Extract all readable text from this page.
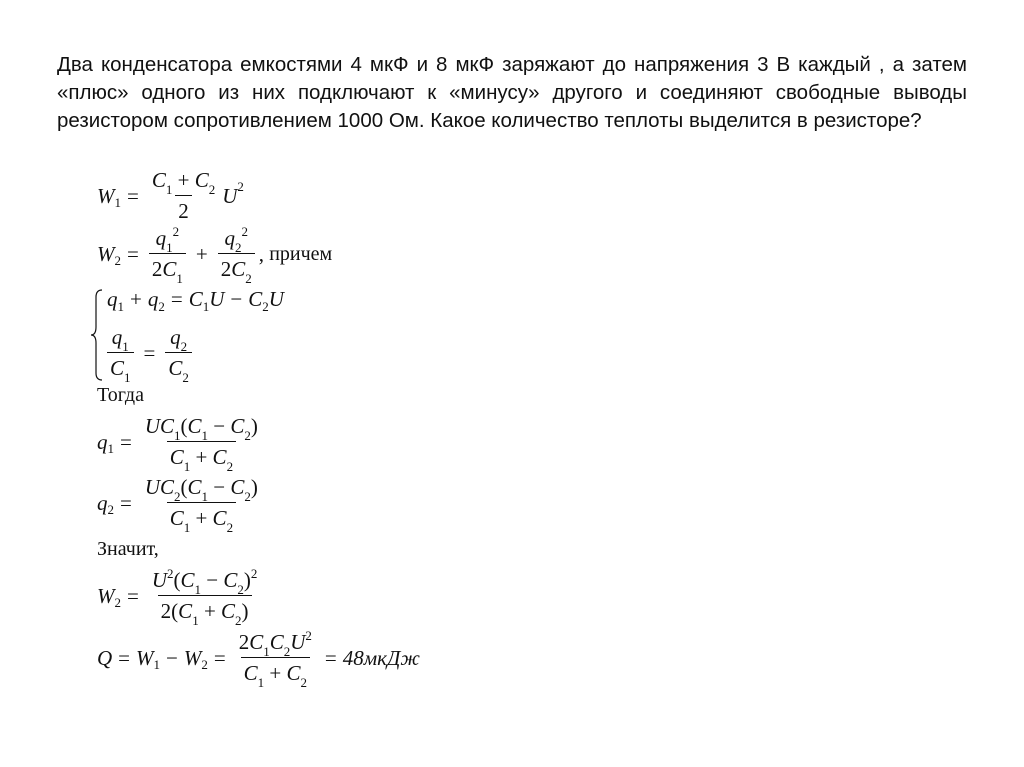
Два конденсатора емкостями 4 мкФ и 8 мкФ заряжают до напряжения 3 В каждый , а затем

«плюс» одного из них подключают к «минусу» другого и соединяют свободные выводы

резистором сопротивлением 1000 Ом. Какое количество теплоты выделится в резисторе?

W $1 = \frac{C_1 + C_2}{2}$ U 2
W $2 = \frac{q_1^2}{2C_1} + \frac{q_2^2}{2C_2}$ , причем
q 1 + q 2 = C 1 U − C 2 U
$\frac{q_1}{C_1} = \frac{q_2}{C_2}$
Тогда
q $1 = \frac{UC_1(C_1 - C_2)}{C_1 + C_2}$
q $2 = \frac{UC_2(C_1 - C_2)}{C_1 + C_2}$
Значит,
W $2 = \frac{U^2(C_1 - C_2)^2}{2(C_1 + C_2)}$
Q = W 1 − W $2 = \frac{2C_1C_2U^2}{C_1 + C_2}$ = 48мкДж
